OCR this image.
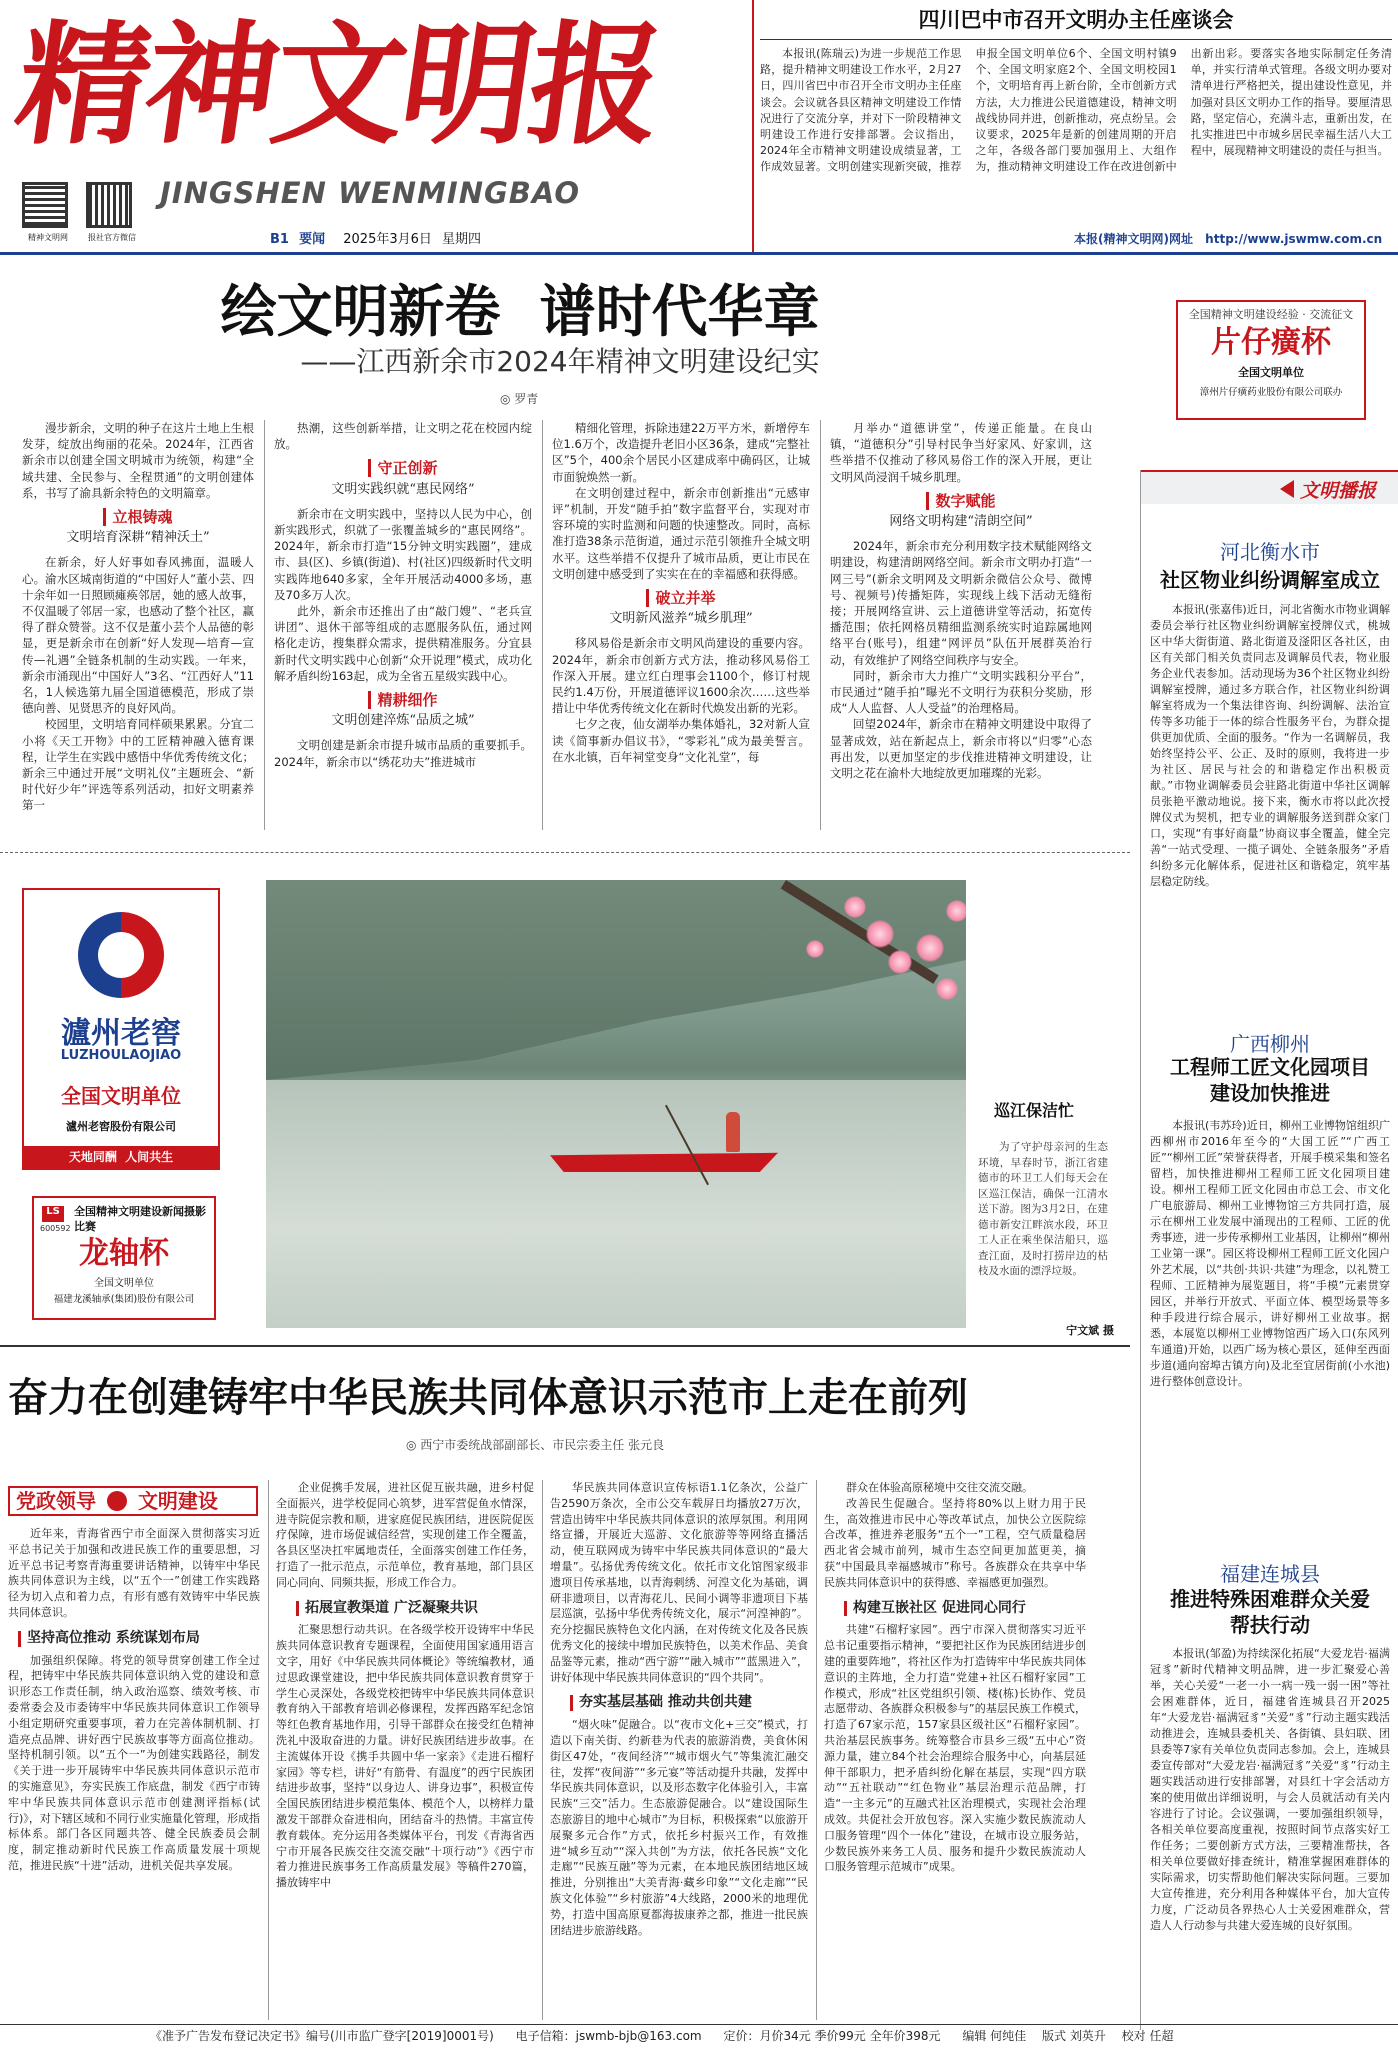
精神文明报
JINGSHEN WENMINGBAO
精神文明网	报社官方微信	B1 要闻 2025年3月6日 星期四
四川巴中市召开文明办主任座谈会

本报讯(陈瑞云)为进一步规范工作思路，提升精神文明建设工作水平，2月27日，四川省巴中市召开全市文明办主任座谈会。会议就各县区精神文明建设工作情况进行了交流分享，并对下一阶段精神文明建设工作进行安排部署。会议指出，2024年全市精神文明建设成绩显著，工作成效显著。文明创建实现新突破，推荐申报全国文明单位6个、全国文明村镇9个、全国文明家庭2个、全国文明校园1个，文明培育再上新台阶，全市创新方式方法，大力推进公民道德建设，精神文明战线协同并进，创新推动，亮点纷呈。会议要求，2025年是新的创建周期的开启之年，各级各部门要加强用上、大组作为，推动精神文明建设工作在改进创新中出新出彩。要落实各地实际制定任务清单，并实行清单式管理。各级文明办要对清单进行严格把关，提出建设性意见，并加强对县区文明办工作的指导。要厘清思路，坚定信心，充满斗志，重新出发，在扎实推进巴中市城乡居民幸福生活八大工程中，展现精神文明建设的责任与担当。

本报(精神文明网)网址 http://www.jswmw.com.cn
绘文明新卷  谱时代华章
——江西新余市2024年精神文明建设纪实
◎ 罗青
全国精神文明建设经验 · 交流征文
片仔癀杯
全国文明单位
漳州片仔癀药业股份有限公司联办

漫步新余，文明的种子在这片土地上生根发芽，绽放出绚丽的花朵。2024年，江西省新余市以创建全国文明城市为统领，构建“全域共建、全民参与、全程贯通”的文明创建体系，书写了渝具新余特色的文明篇章。

立根铸魂
文明培育深耕“精神沃土”

在新余，好人好事如春风拂面，温暖人心。渝水区城南街道的“中国好人”董小芸、四十余年如一日照顾瘫痪邻居，她的感人故事，不仅温暖了邻居一家，也感动了整个社区，赢得了群众赞誉。这不仅是董小芸个人品德的彰显，更是新余市在创新“好人发现—培育—宣传—礼遇”全链条机制的生动实践。一年来，新余市涌现出“中国好人”3名、“江西好人”11名，1人候选第九届全国道德模范，形成了崇德向善、见贤思齐的良好风尚。

校园里，文明培育同样硕果累累。分宜二小将《天工开物》中的工匠精神融入德育课程，让学生在实践中感悟中华优秀传统文化；新余三中通过开展“文明礼仪”主题班会、“新时代好少年”评选等系列活动，扣好文明素养第一

热潮，这些创新举措，让文明之花在校园内绽放。

守正创新
文明实践织就“惠民网络”

新余市在文明实践中，坚持以人民为中心，创新实践形式，织就了一张覆盖城乡的“惠民网络”。2024年，新余市打造“15分钟文明实践圈”，建成市、县(区)、乡镇(街道)、村(社区)四级新时代文明实践阵地640多家，全年开展活动4000多场，惠及70多万人次。

此外，新余市还推出了由“敲门嫂”、“老兵宣讲团”、退休干部等组成的志愿服务队伍，通过网格化走访，搜集群众需求，提供精准服务。分宜县新时代文明实践中心创新“众开说理”模式，成功化解矛盾纠纷163起，成为全省五星级实践中心。

精耕细作
文明创建淬炼“品质之城”

文明创建是新余市提升城市品质的重要抓手。2024年，新余市以“绣花功夫”推进城市

精细化管理，拆除违建22万平方米，新增停车位1.6万个，改造提升老旧小区36条，建成“完整社区”5个，400余个居民小区建成率中确码区，让城市面貌焕然一新。

在文明创建过程中，新余市创新推出“元感审评”机制，开发“随手拍”数字监督平台，实现对市容环境的实时监测和问题的快速整改。同时，高标准打造38条示范街道，通过示范引领推升全城文明水平。这些举措不仅提升了城市品质，更让市民在文明创建中感受到了实实在在的幸福感和获得感。

破立并举
文明新风滋养“城乡肌理”

移风易俗是新余市文明风尚建设的重要内容。2024年，新余市创新方式方法，推动移风易俗工作深入开展。建立红白理事会1100个，修订村规民约1.4万份，开展道德评议1600余次……这些举措让中华优秀传统文化在新时代焕发出新的光彩。

七夕之夜，仙女湖举办集体婚礼，32对新人宣读《简事新办倡议书》，“零彩礼”成为最美誓言。在水北镇，百年祠堂变身“文化礼堂”，每

月举办“道德讲堂”，传递正能量。在良山镇，“道德积分”引导村民争当好家风、好家训，这些举措不仅推动了移风易俗工作的深入开展，更让文明风尚浸润千城乡肌理。

数字赋能
网络文明构建“清朗空间”

2024年，新余市充分利用数字技术赋能网络文明建设，构建清朗网络空间。新余市文明办打造“一网三号”(新余文明网及文明新余微信公众号、微博号、视频号)传播矩阵，实现线上线下活动无缝衔接；开展网络宣讲、云上道德讲堂等活动，拓宽传播范围；依托网格员精细监测系统实时追踪属地网络平台(账号)，组建“网评员”队伍开展群英治行动，有效维护了网络空间秩序与安全。

同时，新余市大力推广“文明实践积分平台”，市民通过“随手拍”曝光不文明行为获积分奖励，形成“人人监督、人人受益”的治理格局。

回望2024年，新余市在精神文明建设中取得了显著成效，站在新起点上，新余市将以“归零”心态再出发，以更加坚定的步伐推进精神文明建设，让文明之花在渝朴大地绽放更加璀璨的光彩。

瀘州老窖
LUZHOULAOJIAO
全国文明单位
瀘州老窖股份有限公司
天地同酬  人间共生
LS
600592
全国精神文明建设新闻摄影比赛
龙轴杯
全国文明单位
福建龙溪轴承(集团)股份有限公司
巡江保洁忙

为了守护母亲河的生态环境，早春时节，浙江省建德市的环卫工人们每天会在区巡江保洁，确保一江清水送下游。图为3月2日，在建德市新安江畔滨水段，环卫工人正在乘坐保洁船只，巡查江面，及时打捞岸边的枯枝及水面的漂浮垃圾。

宁文斌 摄
文明播报
河北衡水市
社区物业纠纷调解室成立

本报讯(张嘉伟)近日，河北省衡水市物业调解委员会举行社区物业纠纷调解室授牌仪式，桃城区中华大街街道、路北街道及滏阳区各社区，由区有关部门相关负责同志及调解员代表，物业服务企业代表参加。活动现场为36个社区物业纠纷调解室授牌，通过多方联合作，社区物业纠纷调解室将成为一个集法律咨询、纠纷调解、法治宣传等多功能于一体的综合性服务平台，为群众提供更加优质、全面的服务。“作为一名调解员，我始终坚持公平、公正、及时的原则，我将进一步为社区、居民与社会的和谐稳定作出积极贡献。”市物业调解委员会驻路北街道中华社区调解员张艳平激动地说。接下来，衡水市将以此次授牌仪式为契机，把专业的调解服务送到群众家门口，实现“有事好商量”协商议事全覆盖，健全完善“一站式受理、一揽子调处、全链条服务”矛盾纠纷多元化解体系，促进社区和谐稳定，筑牢基层稳定防线。

广西柳州
工程师工匠文化园项目建设加快推进

本报讯(韦苏玲)近日，柳州工业博物馆组织广西柳州市2016年至今的“大国工匠”“广西工匠”“柳州工匠”荣誉获得者，开展手模采集和签名留档，加快推进柳州工程师工匠文化园项目建设。柳州工程师工匠文化园由市总工会、市文化广电旅游局、柳州工业博物馆三方共同打造，展示在柳州工业发展中涌现出的工程师、工匠的优秀事迹，进一步传承柳州工业基因，让柳州“柳州工业第一课”。园区将设柳州工程师工匠文化园户外艺术展，以“共创·共识·共建”为理念，以礼赞工程师、工匠精神为展览题目，将“手模”元素贯穿园区，并举行开放式、平面立体、模型场景等多种手段进行综合展示，讲好柳州工业故事。据悉，本展览以柳州工业博物馆西广场入口(东风列车通道)开始，以西广场为核心景区，延伸至西面步道(通向窑埠古镇方向)及北至宜居街前(小水池)进行整体创意设计。

福建连城县
推进特殊困难群众关爱帮扶行动

本报讯(邹盈)为持续深化拓展“大爱龙岩·福满冠豸”新时代精神文明品牌，进一步汇聚爱心善举，关心关爱“一老一小一病一残一弱一困”等社会困难群体，近日，福建省连城县召开2025年“大爱龙岩·福满冠豸”关爱“豸”行动主题实践活动推进会，连城县委机关、各街镇、县妇联、团县委等7家有关单位负责同志参加。会上，连城县委宣传部对“大爱龙岩·福满冠豸”关爱“豸”行动主题实践活动进行安排部署，对县红十字会活动方案的使用做出详细说明，与会人员就活动有关内容进行了讨论。会议强调，一要加强组织领导，各相关单位要高度重视，按照时间节点落实好工作任务；二要创新方式方法，三要精准帮扶，各相关单位要做好排查统计，精准掌握困难群体的实际需求，切实帮助他们解决实际问题。三要加大宣传推进，充分利用各种媒体平台，加大宣传力度，广泛动员各界热心人士关爱困难群众，营造人人行动参与共建大爱连城的良好氛围。

奋力在创建铸牢中华民族共同体意识示范市上走在前列
◎ 西宁市委统战部副部长、市民宗委主任 张元良
党政领导 文明建设

近年来，青海省西宁市全面深入贯彻落实习近平总书记关于加强和改进民族工作的重要思想，习近平总书记考察青海重要讲话精神，以铸牢中华民族共同体意识为主线，以“五个一”创建工作实践路径为切入点和着力点，有形有感有效铸牢中华民族共同体意识。

坚持高位推动 系统谋划布局

加强组织保障。将党的领导贯穿创建工作全过程，把铸牢中华民族共同体意识纳入党的建设和意识形态工作责任制，纳入政治巡察、绩效考核、市委常委会及市委铸牢中华民族共同体意识工作领导小组定期研究重要事项，着力在完善体制机制、打造亮点品牌、讲好西宁民族故事等方面高位推动。坚持机制引领。以“五个一”为创建实践路径，制发《关于进一步开展铸牢中华民族共同体意识示范市的实施意见》，夯实民族工作底盘，制发《西宁市铸牢中华民族共同体意识示范市创建测评指标(试行)》，对下辖区域和不同行业实施量化管理，形成指标体系。部门各区同题共答、健全民族委员会制度，制定推动新时代民族工作高质量发展十项规范，推进民族“十进”活动，进机关促共享发展。

企业促携手发展，进社区促互嵌共融，进乡村促全面振兴，进学校促同心筑梦，进军营促鱼水情深，进寺院促宗教和顺，进家庭促民族团结，进医院促医疗保障，进市场促诚信经营，实现创建工作全覆盖，各县区坚决扛牢属地责任，全面落实创建工作任务，打造了一批示范点，示范单位，教育基地，部门县区同心同向、同频共振，形成工作合力。

拓展宣教渠道 广泛凝聚共识

汇聚思想行动共识。在各级学校开设铸牢中华民族共同体意识教育专题课程，全面使用国家通用语言文字，用好《中华民族共同体概论》等统编教材，通过思政课堂建设，把中华民族共同体意识教育贯穿于学生心灵深处，各级党校把铸牢中华民族共同体意识教育纳入干部教育培训必修课程，发挥西路军纪念馆等红色教育基地作用，引导干部群众在接受红色精神洗礼中汲取奋进的力量。讲好民族团结进步故事。在主流媒体开设《携手共圆中华一家亲》《走进石榴籽家园》等专栏，讲好“有筋骨、有温度”的西宁民族团结进步故事，坚持“以身边人、讲身边事”，积极宣传全国民族团结进步模范集体、模范个人，以榜样力量激发干部群众奋进相向，团结奋斗的热情。丰富宣传教育载体。充分运用各类媒体平台，刊发《青海省西宁市开展各民族交往交流交融“十项行动”》《西宁市着力推进民族事务工作高质量发展》等稿件270篇，播放铸牢中

华民族共同体意识宣传标语1.1亿条次，公益广告2590万条次，全市公交车载屏日均播放27万次，营造出铸牢中华民族共同体意识的浓厚氛围。利用网络宣播，开展近大巡游、文化旅游等等网络直播活动，使互联网成为铸牢中华民族共同体意识的“最大增量”。弘扬优秀传统文化。依托市文化馆图家级非遗项目传承基地，以青海刺绣、河湟文化为基础，调研非遗项目，以青海花儿、民间小调等非遗项目下基层巡演，弘扬中华优秀传统文化，展示“河湟神韵”。充分挖掘民族特色文化内涵，在对传统文化及各民族优秀文化的接续中增加民族特色，以美术作品、美食品鉴等元素，推动“西宁游”“融入城市”“蓝黑进入”，讲好体现中华民族共同体意识的“四个共同”。

夯实基层基础 推动共创共建

“烟火味”促融合。以“夜市文化+三交”模式，打造以下南关街、约新巷为代表的旅游消费，美食休闲街区47处，“夜间经济”“城市烟火气”等集流汇融交往，发挥“夜间游”“多元宴”等活动提升共融，发挥中华民族共同体意识，以及形态数字化体验引入，丰富民族“三交”活力。生态旅游促融合。以“建设国际生态旅游目的地中心城市”为目标，积极探索“以旅游开展聚多元合作”方式，依托乡村振兴工作，有效推进“城乡互动”“深入共创”为方法，依托各民族“文化走廊”“民族互融”等为元素，在本地民族团结地区域推进，分别推出“大美青海·藏乡印象”“文化走廊”“民族文化体验”“乡村旅游”4大线路，2000米的地理优势，打造中国高原夏都海拔康养之都，推进一批民族团结进步旅游线路。

群众在体验高原秘境中交往交流交融。

改善民生促融合。坚持将80%以上财力用于民生，高效推进市民中心等改革试点，加快公立医院综合改革，推进养老服务“五个一”工程，空气质量稳居西北省会城市前列，城市生态空间更加蓝更美，摘获“中国最具幸福感城市”称号。各族群众在共享中华民族共同体意识中的获得感、幸福感更加强烈。

构建互嵌社区 促进同心同行

共建“石榴籽家园”。西宁市深入贯彻落实习近平总书记重要指示精神，“要把社区作为民族团结进步创建的重要阵地”，将社区作为打造铸牢中华民族共同体意识的主阵地，全力打造“党建+社区石榴籽家园”工作模式，形成“社区党组织引领、楼(栋)长协作、党员志愿带动、各族群众积极参与”的基层民族工作模式，打造了67家示范，157家县区级社区“石榴籽家园”。共治基层民族事务。统筹整合市县乡三级“五中心”资源力量，建立84个社会治理综合服务中心，向基层延伸干部职力，把矛盾纠纷化解在基层，实现“四方联动”“五社联动”“红色物业”基层治理示范品牌，打造“一主多元”的互融式社区治理模式，实现社会治理成效。共促社会开放包容。深入实施少数民族流动人口服务管理“四个一体化”建设，在城市设立服务站，少数民族外来务工人员、服务和提升少数民族流动人口服务管理示范城市”成果。

《准予广告发布登记决定书》编号(川市监广登字[2019]0001号) 电子信箱：jswmb-bjb@163.com 定价：月价34元 季价99元 全年价398元 编辑 何纯佳 版式 刘英升 校对 任超
